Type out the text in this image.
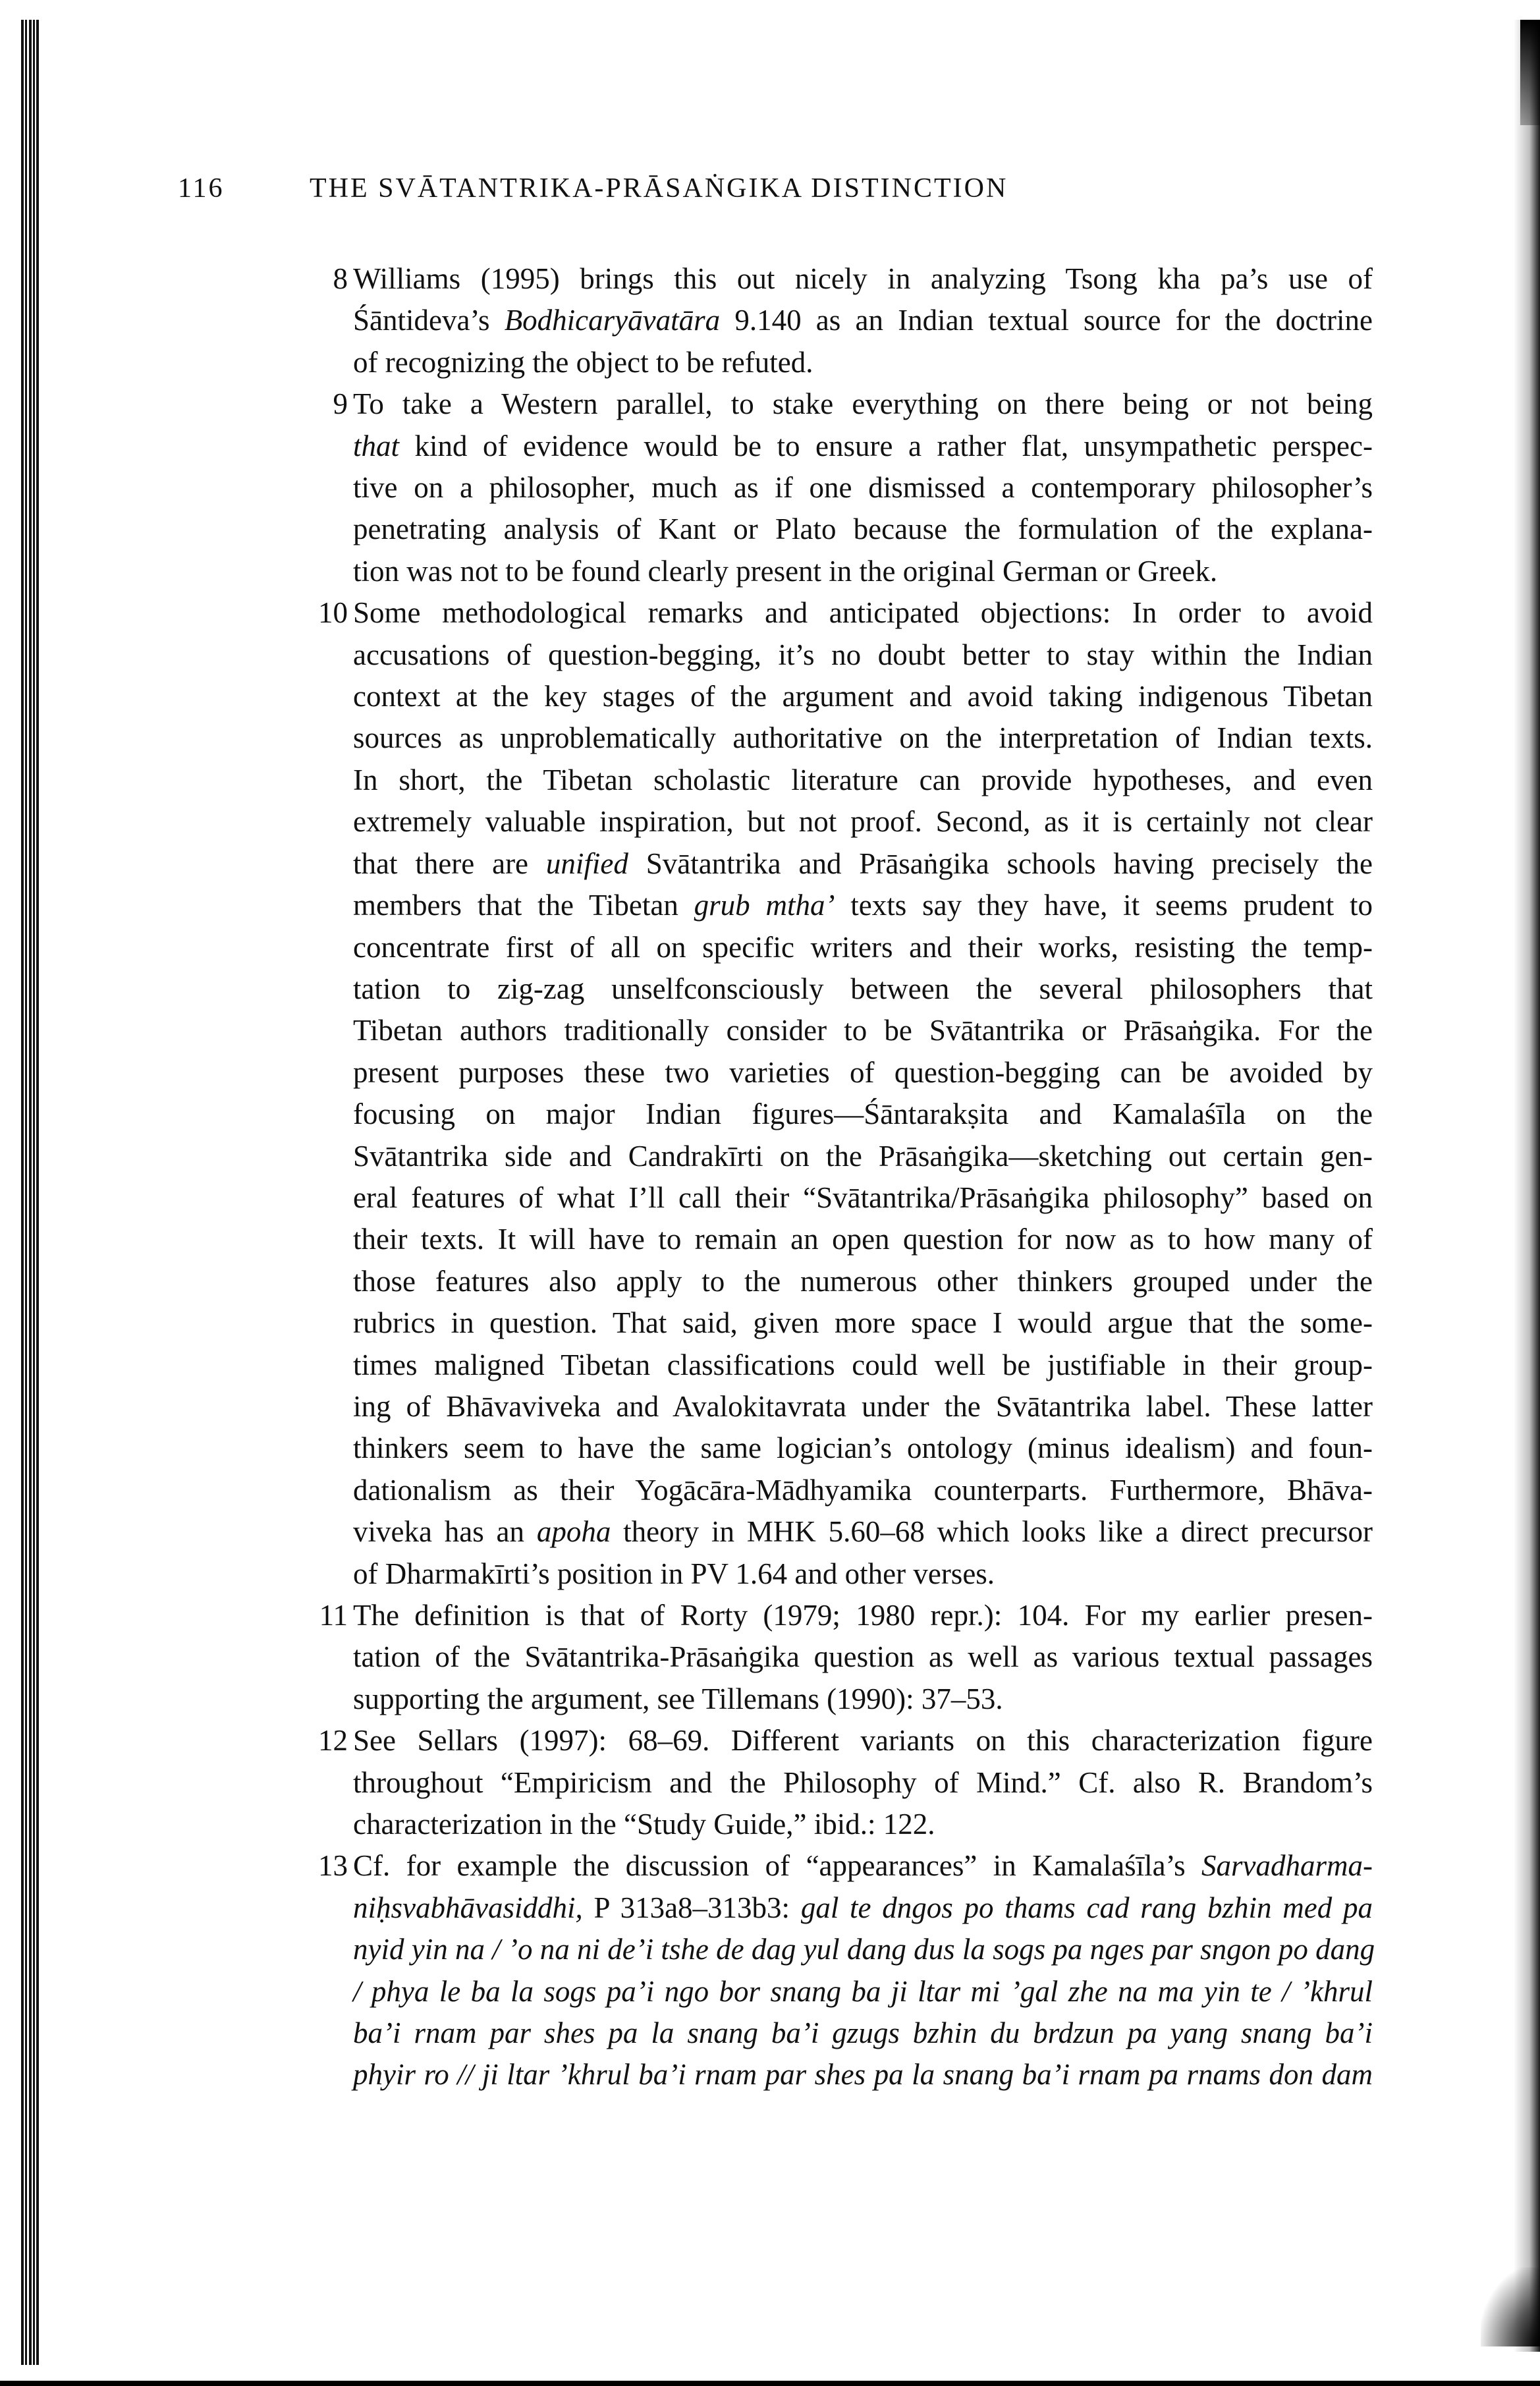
116	THE SVĀTANTRIKA-PRĀSAṄGIKA DISTINCTION
8 Williams (1995) brings this out nicely in analyzing Tsong kha pa’s use of
Śāntideva’s Bodhicaryāvatāra 9.140 as an Indian textual source for the doctrine
of recognizing the object to be refuted.
9 To take a Western parallel, to stake everything on there being or not being
that kind of evidence would be to ensure a rather flat, unsympathetic perspec-
tive on a philosopher, much as if one dismissed a contemporary philosopher’s
penetrating analysis of Kant or Plato because the formulation of the explana-
tion was not to be found clearly present in the original German or Greek.
10 Some methodological remarks and anticipated objections: In order to avoid
accusations of question-begging, it’s no doubt better to stay within the Indian
context at the key stages of the argument and avoid taking indigenous Tibetan
sources as unproblematically authoritative on the interpretation of Indian texts.
In short, the Tibetan scholastic literature can provide hypotheses, and even
extremely valuable inspiration, but not proof. Second, as it is certainly not clear
that there are unified Svātantrika and Prāsaṅgika schools having precisely the
members that the Tibetan grub mtha’ texts say they have, it seems prudent to
concentrate first of all on specific writers and their works, resisting the temp-
tation to zig-zag unselfconsciously between the several philosophers that
Tibetan authors traditionally consider to be Svātantrika or Prāsaṅgika. For the
present purposes these two varieties of question-begging can be avoided by
focusing on major Indian figures—Śāntarakṣita and Kamalaśīla on the
Svātantrika side and Candrakīrti on the Prāsaṅgika—sketching out certain gen-
eral features of what I’ll call their “Svātantrika/Prāsaṅgika philosophy” based on
their texts. It will have to remain an open question for now as to how many of
those features also apply to the numerous other thinkers grouped under the
rubrics in question. That said, given more space I would argue that the some-
times maligned Tibetan classifications could well be justifiable in their group-
ing of Bhāvaviveka and Avalokitavrata under the Svātantrika label. These latter
thinkers seem to have the same logician’s ontology (minus idealism) and foun-
dationalism as their Yogācāra-Mādhyamika counterparts. Furthermore, Bhāva-
viveka has an apoha theory in MHK 5.60–68 which looks like a direct precursor
of Dharmakīrti’s position in PV 1.64 and other verses.
11 The definition is that of Rorty (1979; 1980 repr.): 104. For my earlier presen-
tation of the Svātantrika-Prāsaṅgika question as well as various textual passages
supporting the argument, see Tillemans (1990): 37–53.
12 See Sellars (1997): 68–69. Different variants on this characterization figure
throughout “Empiricism and the Philosophy of Mind.” Cf. also R. Brandom’s
characterization in the “Study Guide,” ibid.: 122.
13 Cf. for example the discussion of “appearances” in Kamalaśīla’s Sarvadharma-
niḥsvabhāvasiddhi, P 313a8–313b3: gal te dngos po thams cad rang bzhin med pa
nyid yin na / ’o na ni de’i tshe de dag yul dang dus la sogs pa nges par sngon po dang
/ phya le ba la sogs pa’i ngo bor snang ba ji ltar mi ’gal zhe na ma yin te / ’khrul
ba’i rnam par shes pa la snang ba’i gzugs bzhin du brdzun pa yang snang ba’i
phyir ro // ji ltar ’khrul ba’i rnam par shes pa la snang ba’i rnam pa rnams don dam
